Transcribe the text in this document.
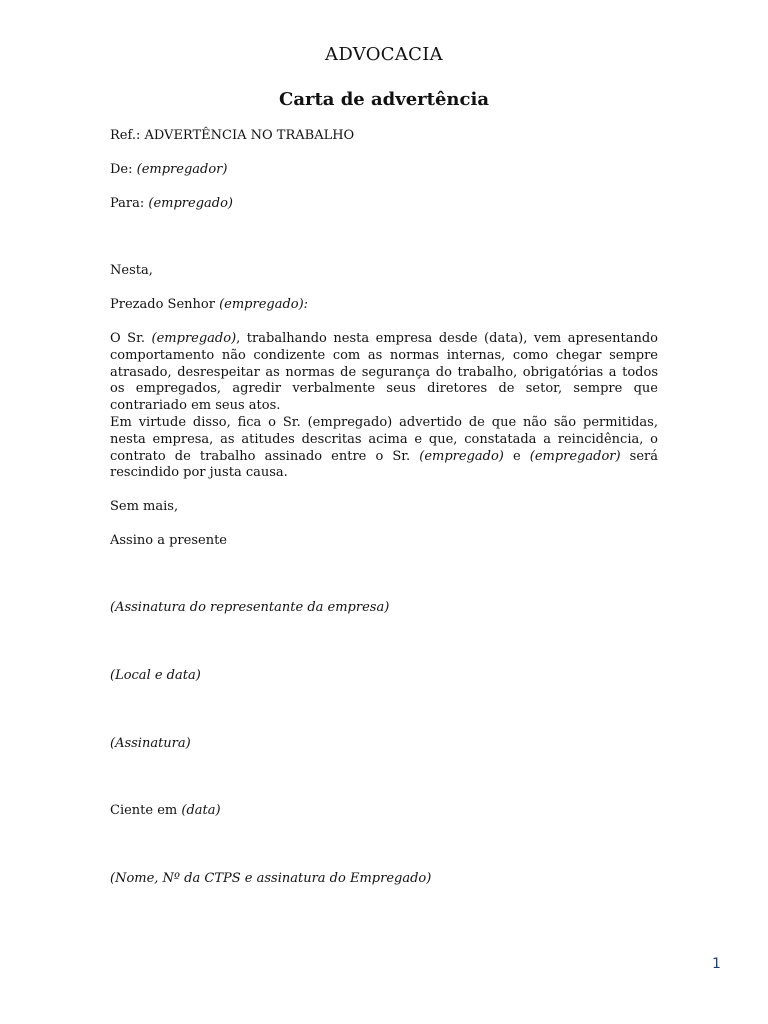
ADVOCACIA
Carta de advertência
Ref.: ADVERTÊNCIA NO TRABALHO
De: (empregador)
Para: (empregado)
Nesta,
Prezado Senhor (empregado):
O Sr. (empregado), trabalhando nesta empresa desde (data), vem apresentando comportamento não condizente com as normas internas, como chegar sempre atrasado, desrespeitar as normas de segurança do trabalho, obrigatórias a todos os empregados, agredir verbalmente seus diretores de setor, sempre que contrariado em seus atos.
Em virtude disso, fica o Sr. (empregado) advertido de que não são permitidas, nesta empresa, as atitudes descritas acima e que, constatada a reincidência, o contrato de trabalho assinado entre o Sr. (empregado) e (empregador) será rescindido por justa causa.
Sem mais,
Assino a presente
(Assinatura do representante da empresa)
(Local e data)
(Assinatura)
Ciente em (data)
(Nome, Nº da CTPS e assinatura do Empregado)
1
